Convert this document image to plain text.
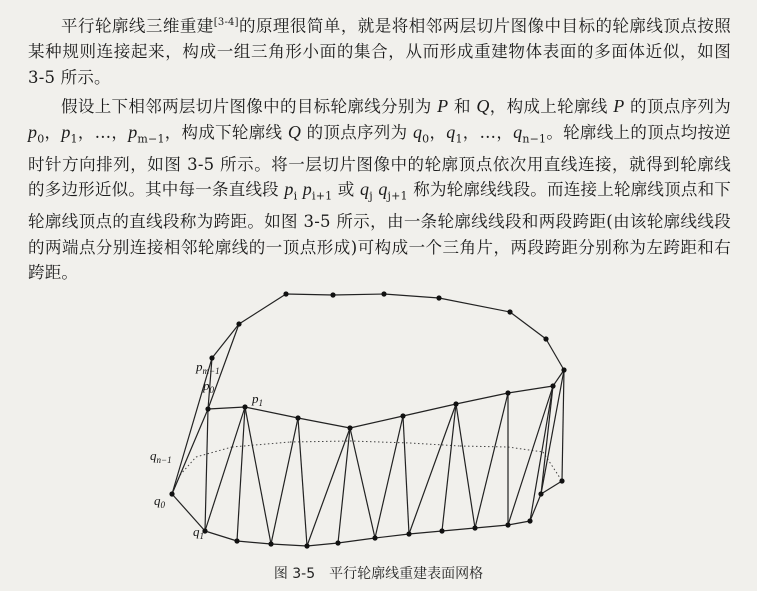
平行轮廓线三维重建[3-4]的原理很简单，就是将相邻两层切片图像中目标的轮廓线顶点按照某种规则连接起来，构成一组三角形小面的集合，从而形成重建物体表面的多面体近似，如图 3-5 所示。

假设上下相邻两层切片图像中的目标轮廓线分别为 P 和 Q，构成上轮廓线 P 的顶点序列为 $p_0$，$p_1$，…，$p_{m-1}$，构成下轮廓线 Q 的顶点序列为 $q_0$，$q_1$，…，$q_{n-1}$。轮廓线上的顶点均按逆时针方向排列，如图 3-5 所示。将一层切片图像中的轮廓顶点依次用直线连接，就得到轮廓线的多边形近似。其中每一条直线段 $p_i$ $p_{i+1}$ 或 $q_j$ $q_{j+1}$ 称为轮廓线线段。而连接上轮廓线顶点和下轮廓线顶点的直线段称为跨距。如图 3-5 所示，由一条轮廓线线段和两段跨距(由该轮廓线线段的两端点分别连接相邻轮廓线的一顶点形成)可构成一个三角片，两段跨距分别称为左跨距和右跨距。

$p_{m-1}$
$p_0$
$p_1$
$q_{n-1}$
$q_0$
$q_1$
图 3-5　平行轮廓线重建表面网格
